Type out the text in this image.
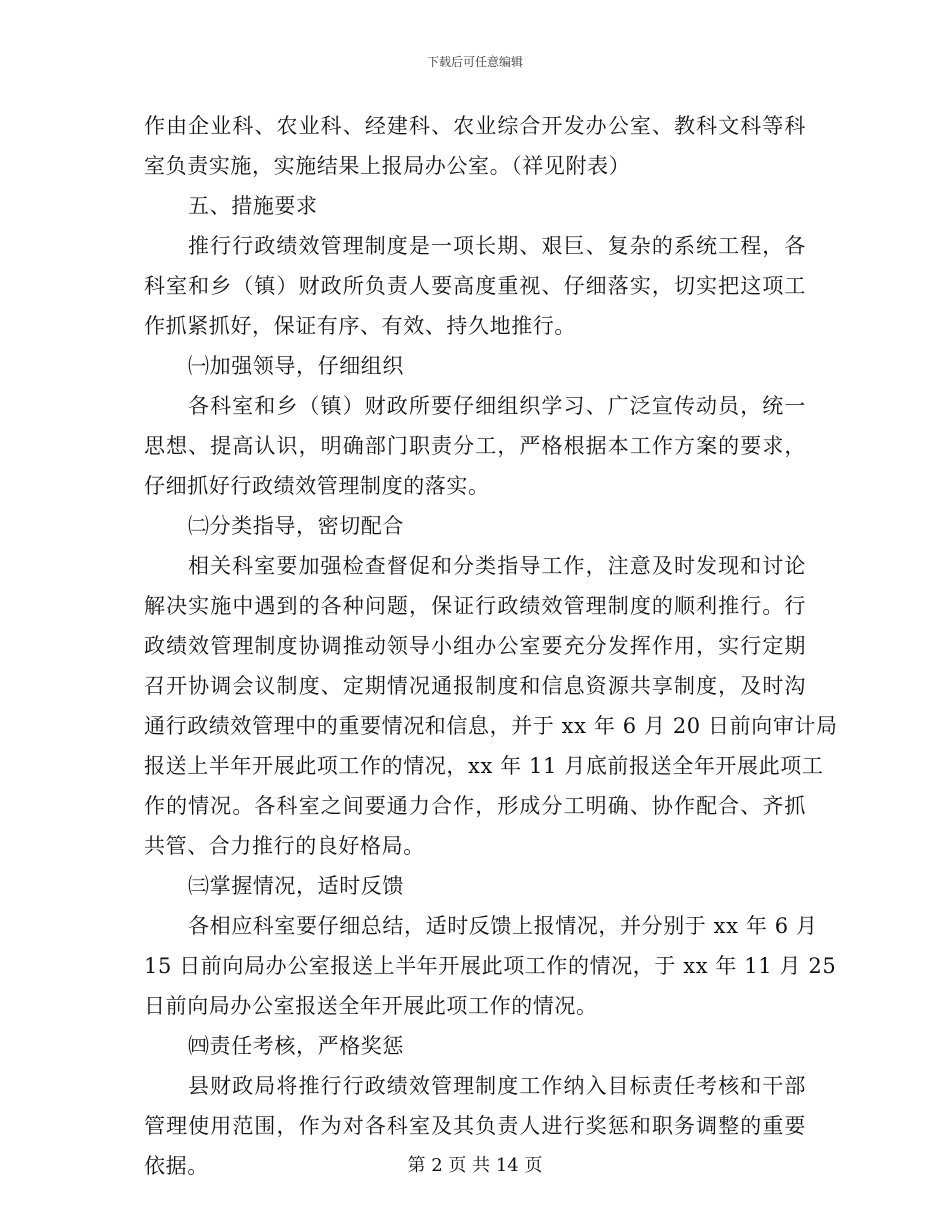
下载后可任意编辑
作由企业科、农业科、经建科、农业综合开发办公室、教科文科等科
室负责实施，实施结果上报局办公室。（祥见附表）
五、措施要求
推行行政绩效管理制度是一项长期、艰巨、复杂的系统工程，各
科室和乡（镇）财政所负责人要高度重视、仔细落实，切实把这项工
作抓紧抓好，保证有序、有效、持久地推行。
㈠加强领导，仔细组织
各科室和乡（镇）财政所要仔细组织学习、广泛宣传动员，统一
思想、提高认识，明确部门职责分工，严格根据本工作方案的要求，
仔细抓好行政绩效管理制度的落实。
㈡分类指导，密切配合
相关科室要加强检查督促和分类指导工作，注意及时发现和讨论
解决实施中遇到的各种问题，保证行政绩效管理制度的顺利推行。行
政绩效管理制度协调推动领导小组办公室要充分发挥作用，实行定期
召开协调会议制度、定期情况通报制度和信息资源共享制度，及时沟
通行政绩效管理中的重要情况和信息，并于 xx 年 6 月 20 日前向审计局
报送上半年开展此项工作的情况，xx 年 11 月底前报送全年开展此项工
作的情况。各科室之间要通力合作，形成分工明确、协作配合、齐抓
共管、合力推行的良好格局。
㈢掌握情况，适时反馈
各相应科室要仔细总结，适时反馈上报情况，并分别于 xx 年 6 月
15 日前向局办公室报送上半年开展此项工作的情况，于 xx 年 11 月 25
日前向局办公室报送全年开展此项工作的情况。
㈣责任考核，严格奖惩
县财政局将推行行政绩效管理制度工作纳入目标责任考核和干部
管理使用范围，作为对各科室及其负责人进行奖惩和职务调整的重要
依据。	第 2 页 共 14 页
